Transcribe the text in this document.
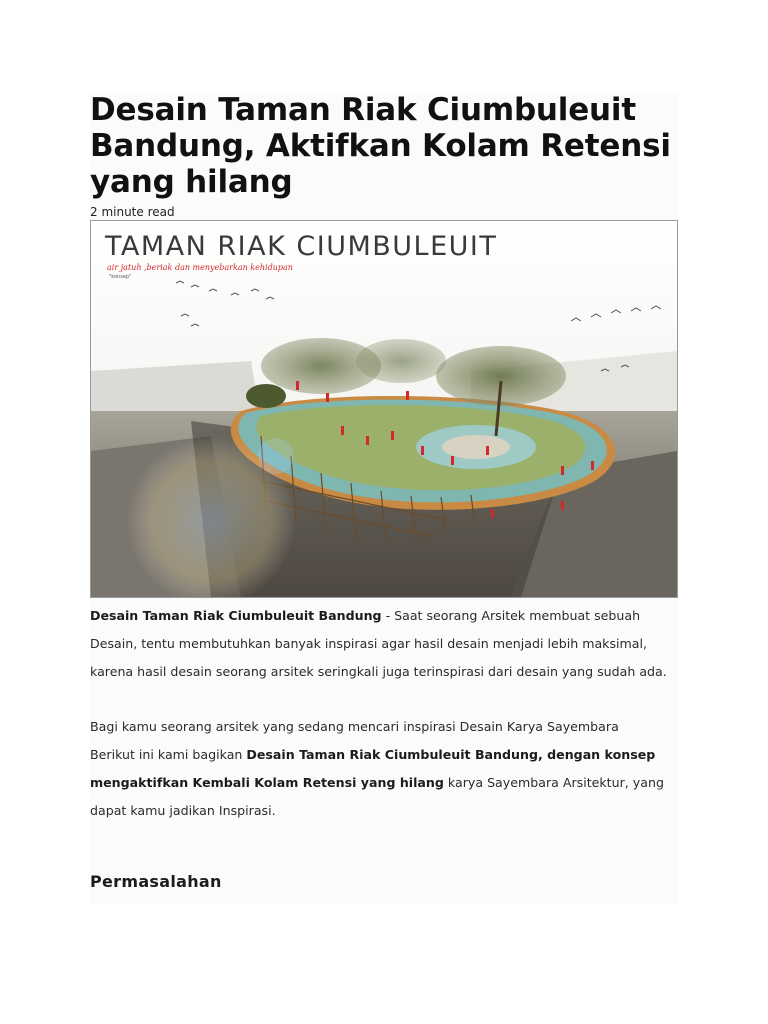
Desain Taman Riak Ciumbuleuit Bandung, Aktifkan Kolam Retensi yang hilang
2 minute read
TAMAN RIAK CIUMBULEUIT
air jatuh ,beriak dan menyebarkan kehidupan
"konsep"

Desain Taman Riak Ciumbuleuit Bandung - Saat seorang Arsitek membuat sebuah Desain, tentu membutuhkan banyak inspirasi agar hasil desain menjadi lebih maksimal, karena hasil desain seorang arsitek seringkali juga terinspirasi dari desain yang sudah ada.

Bagi kamu seorang arsitek yang sedang mencari inspirasi Desain Karya Sayembara
Berikut ini kami bagikan Desain Taman Riak Ciumbuleuit Bandung, dengan konsep mengaktifkan Kembali Kolam Retensi yang hilang karya Sayembara Arsitektur, yang dapat kamu jadikan Inspirasi.

Permasalahan
